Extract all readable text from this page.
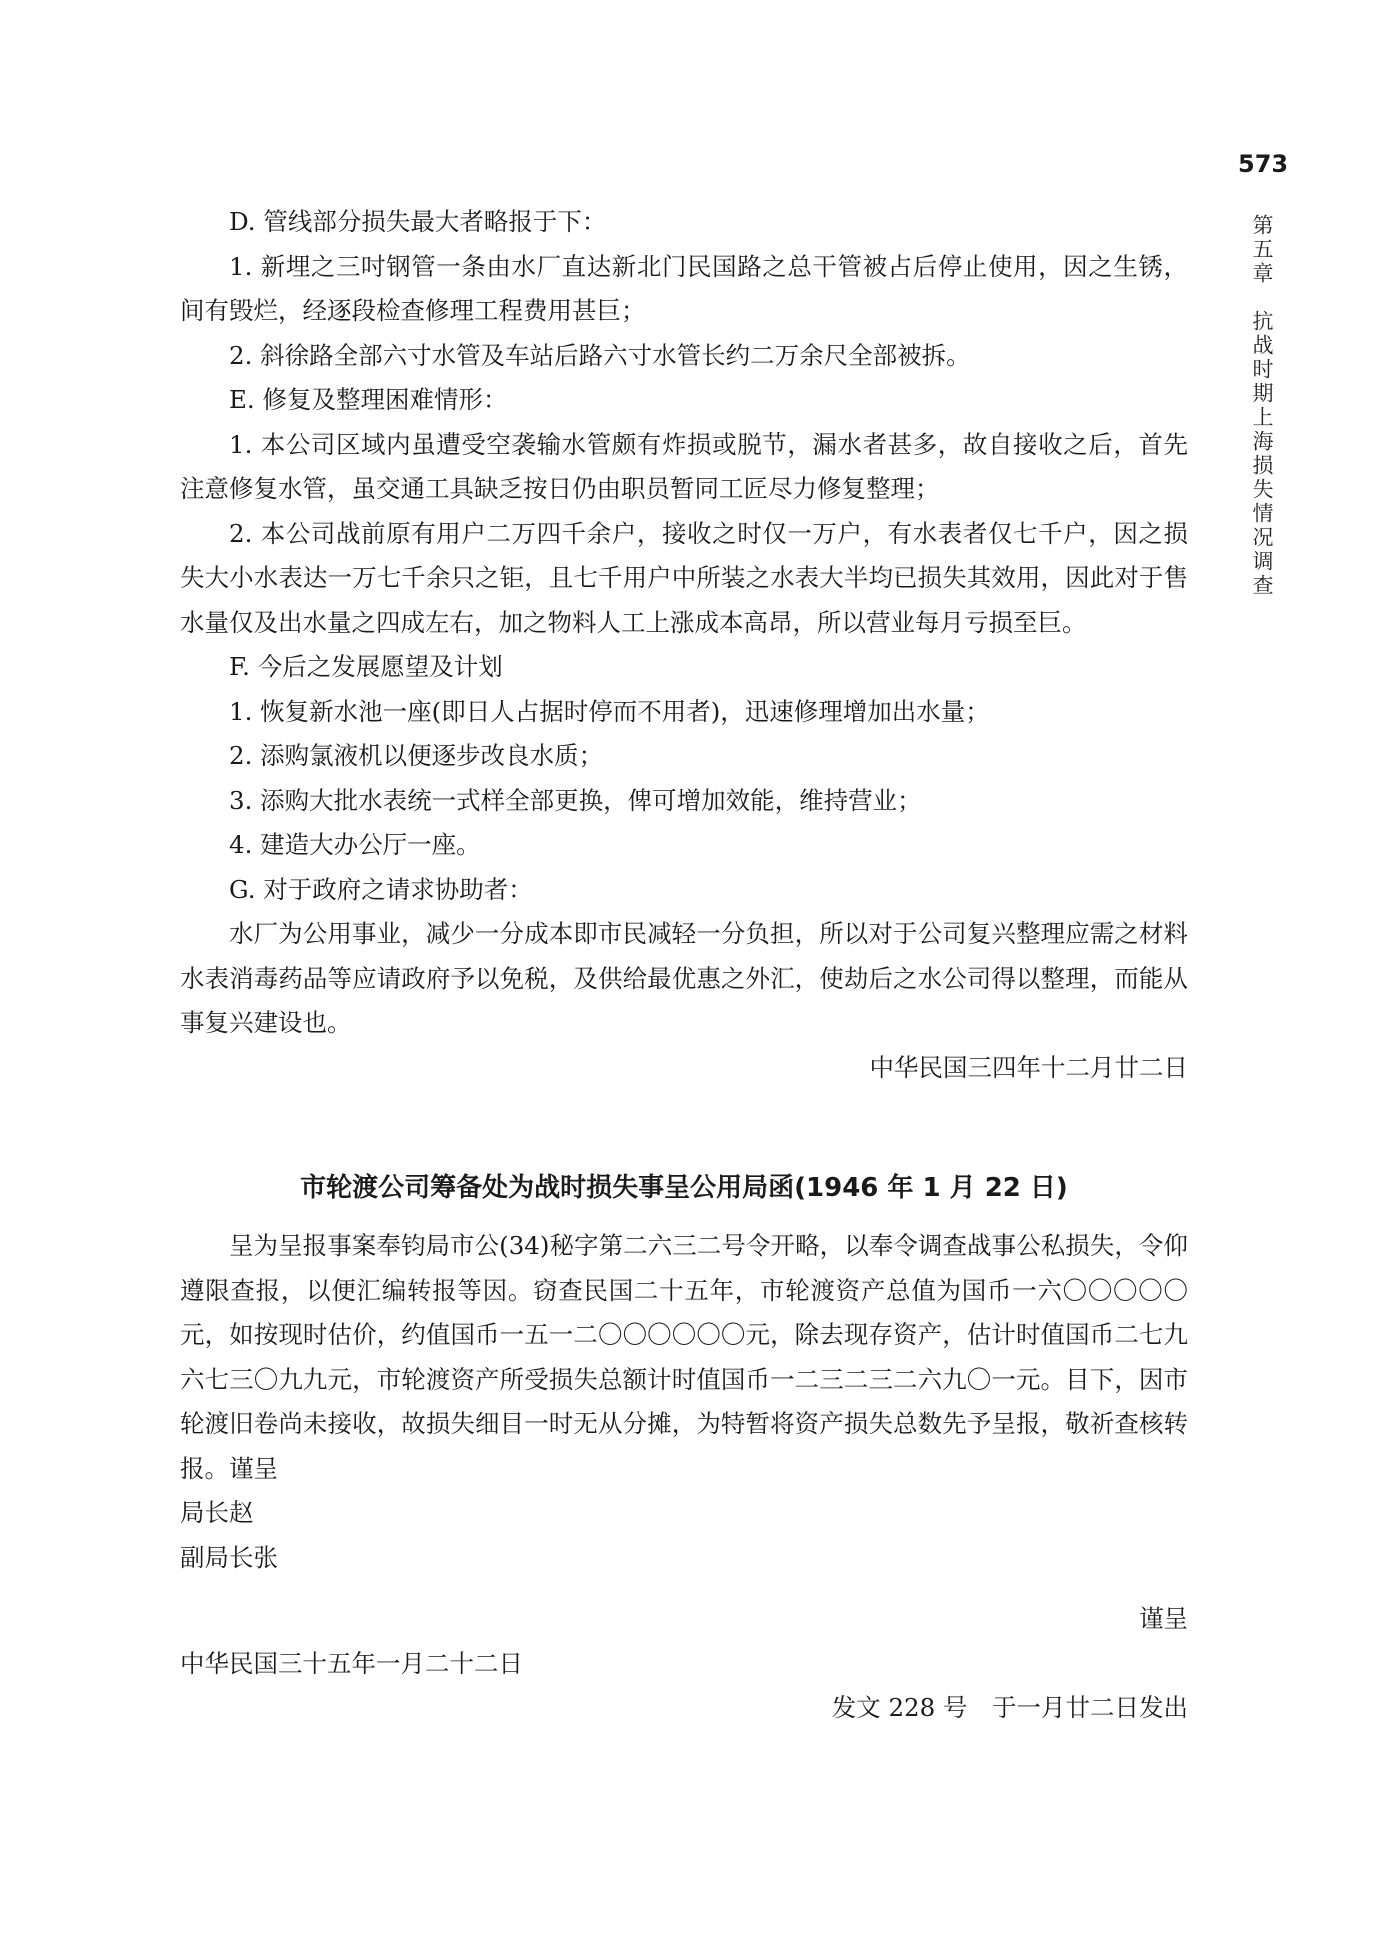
573
第五章　抗战时期上海损失情况调查

D. 管线部分损失最大者略报于下：

1. 新埋之三吋钢管一条由水厂直达新北门民国路之总干管被占后停止使用，因之生锈，间有毁烂，经逐段检查修理工程费用甚巨；

2. 斜徐路全部六寸水管及车站后路六寸水管长约二万余尺全部被拆。

E. 修复及整理困难情形：

1. 本公司区域内虽遭受空袭输水管颇有炸损或脱节，漏水者甚多，故自接收之后，首先注意修复水管，虽交通工具缺乏按日仍由职员暂同工匠尽力修复整理；

2. 本公司战前原有用户二万四千余户，接收之时仅一万户，有水表者仅七千户，因之损失大小水表达一万七千余只之钜，且七千用户中所装之水表大半均已损失其效用，因此对于售水量仅及出水量之四成左右，加之物料人工上涨成本高昂，所以营业每月亏损至巨。

F. 今后之发展愿望及计划

1. 恢复新水池一座(即日人占据时停而不用者)，迅速修理增加出水量；

2. 添购氯液机以便逐步改良水质；

3. 添购大批水表统一式样全部更换，俾可增加效能，维持营业；

4. 建造大办公厅一座。

G. 对于政府之请求协助者：

水厂为公用事业，减少一分成本即市民减轻一分负担，所以对于公司复兴整理应需之材料水表消毒药品等应请政府予以免税，及供给最优惠之外汇，使劫后之水公司得以整理，而能从事复兴建设也。

中华民国三四年十二月廿二日

市轮渡公司筹备处为战时损失事呈公用局函(1946 年 1 月 22 日)

呈为呈报事案奉钧局市公(34)秘字第二六三二号令开略，以奉令调查战事公私损失，令仰遵限查报，以便汇编转报等因。窃查民国二十五年，市轮渡资产总值为国币一六〇〇〇〇〇元，如按现时估价，约值国币一五一二〇〇〇〇〇〇元，除去现存资产，估计时值国币二七九六七三〇九九元，市轮渡资产所受损失总额计时值国币一二三二三二六九〇一元。目下，因市轮渡旧卷尚未接收，故损失细目一时无从分摊，为特暂将资产损失总数先予呈报，敬祈查核转报。谨呈

局长赵

副局长张

谨呈

中华民国三十五年一月二十二日

发文 228 号　于一月廿二日发出
